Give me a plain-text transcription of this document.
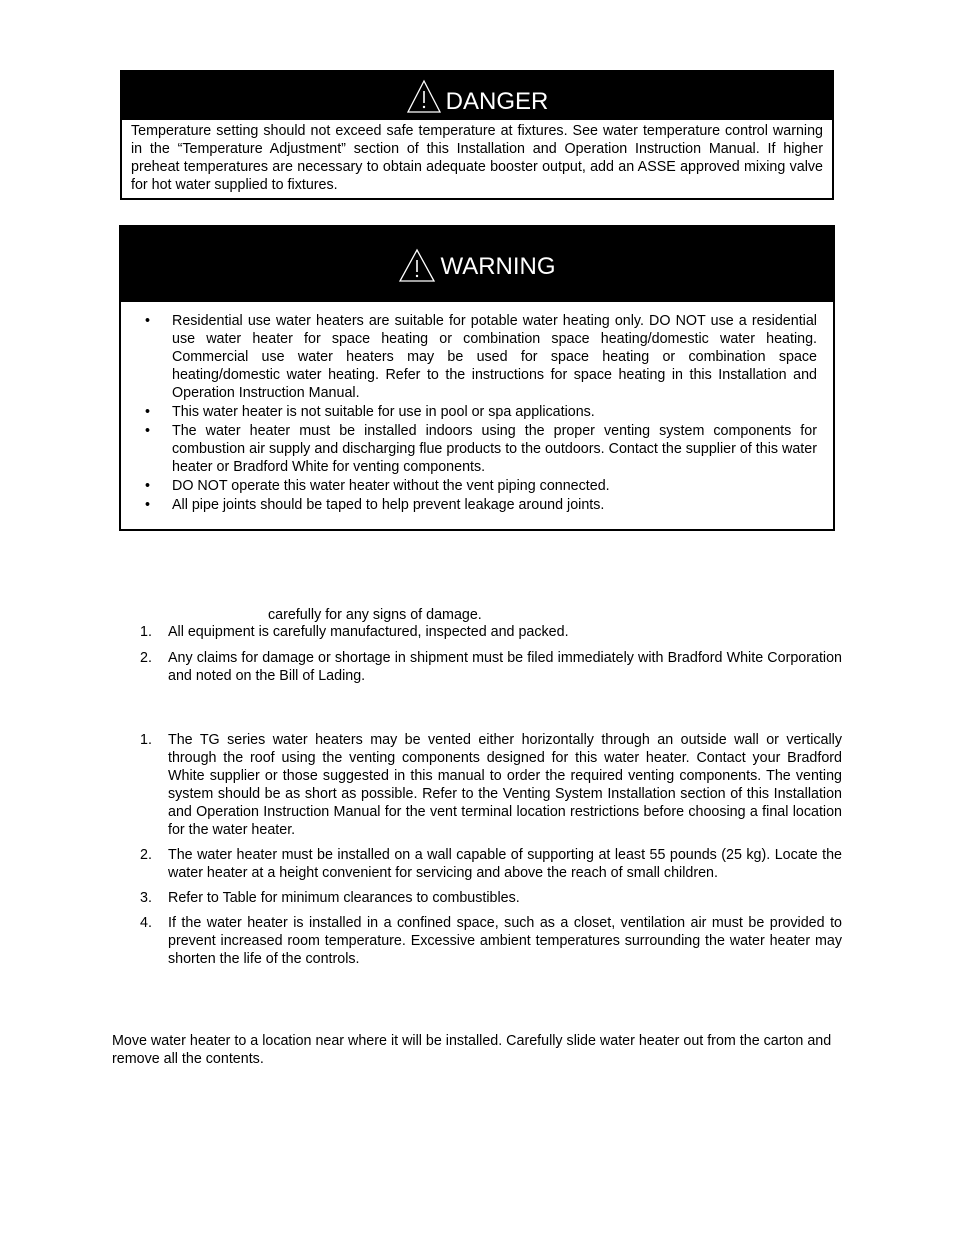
DANGER
Temperature setting should not exceed safe temperature at fixtures. See water temperature control warning in the “Temperature Adjustment” section of this Installation and Operation Instruction Manual. If higher preheat temperatures are necessary to obtain adequate booster output, add an ASSE approved mixing valve for hot water supplied to fixtures.
WARNING
• Residential use water heaters are suitable for potable water heating only. DO NOT use a residential use water heater for space heating or combination space heating/domestic water heating. Commercial use water heaters may be used for space heating or combination space heating/domestic water heating. Refer to the instructions for space heating in this Installation and Operation Instruction Manual.
• This water heater is not suitable for use in pool or spa applications.
• The water heater must be installed indoors using the proper venting system components for combustion air supply and discharging flue products to the outdoors. Contact the supplier of this water heater or Bradford White for venting components.
• DO NOT operate this water heater without the vent piping connected.
• All pipe joints should be taped to help prevent leakage around joints.
carefully for any signs of damage.
1. All equipment is carefully manufactured, inspected and packed.
2. Any claims for damage or shortage in shipment must be filed immediately with Bradford White Corporation and noted on the Bill of Lading.
1. The TG series water heaters may be vented either horizontally through an outside wall or vertically through the roof using the venting components designed for this water heater. Contact your Bradford White supplier or those suggested in this manual to order the required venting components. The venting system should be as short as possible. Refer to the Venting System Installation section of this Installation and Operation Instruction Manual for the vent terminal location restrictions before choosing a final location for the water heater.
2. The water heater must be installed on a wall capable of supporting at least 55 pounds (25 kg). Locate the water heater at a height convenient for servicing and above the reach of small children.
3. Refer to Table for minimum clearances to combustibles.
4. If the water heater is installed in a confined space, such as a closet, ventilation air must be provided to prevent increased room temperature. Excessive ambient temperatures surrounding the water heater may shorten the life of the controls.
Move water heater to a location near where it will be installed. Carefully slide water heater out from the carton and remove all the contents.
